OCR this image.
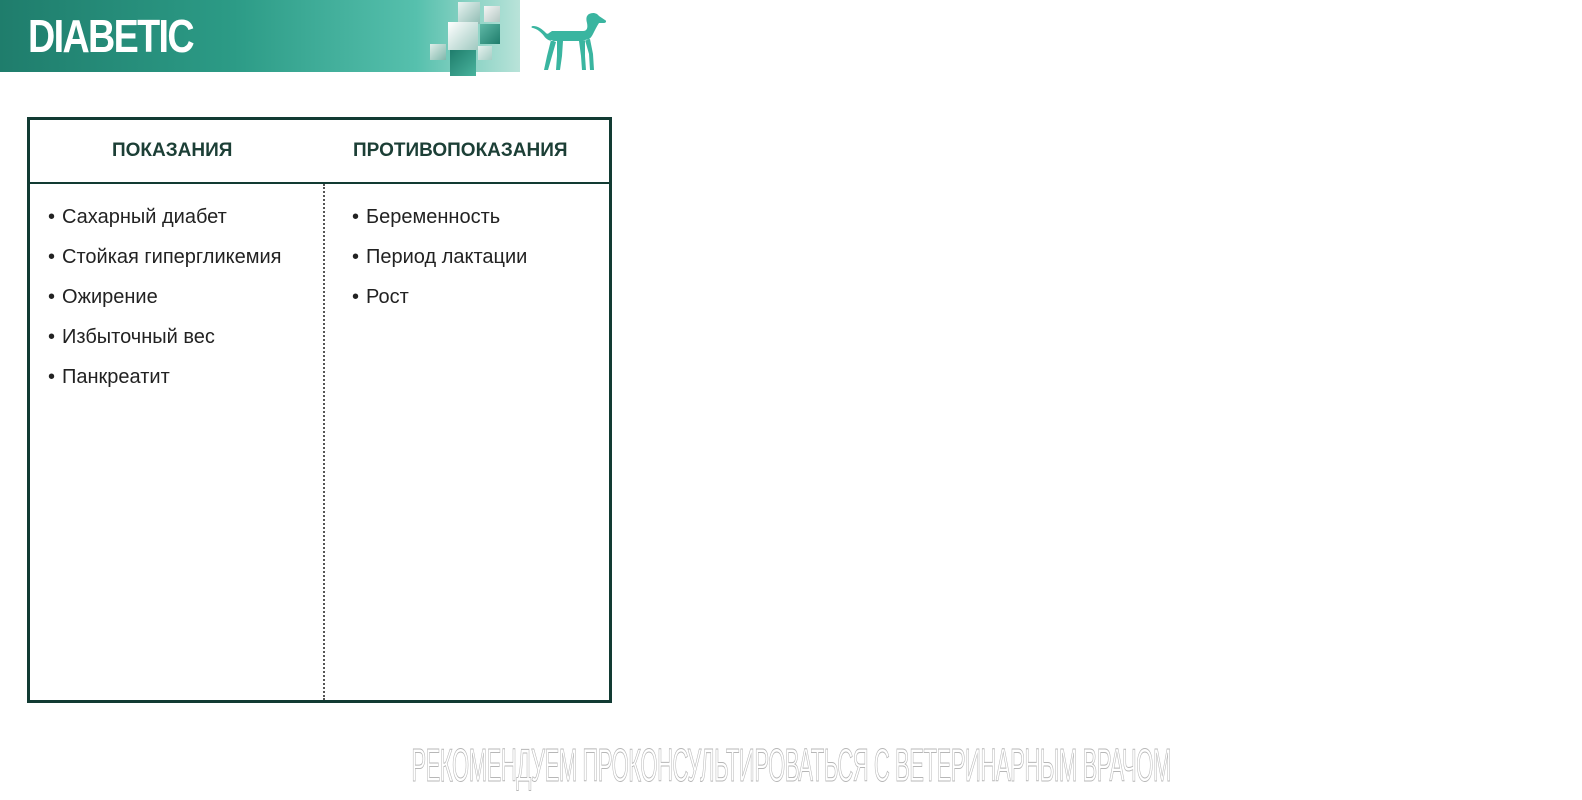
DIABETIC
ПОКАЗАНИЯ	ПРОТИВОПОКАЗАНИЯ
• Сахарный диабет
• Стойкая гипергликемия
• Ожирение
• Избыточный вес
• Панкреатит
• Беременность
• Период лактации
• Рост
РЕКОМЕНДУЕМ ПРОКОНСУЛЬТИРОВАТЬСЯ С ВЕТЕРИНАРНЫМ ВРАЧОМ
